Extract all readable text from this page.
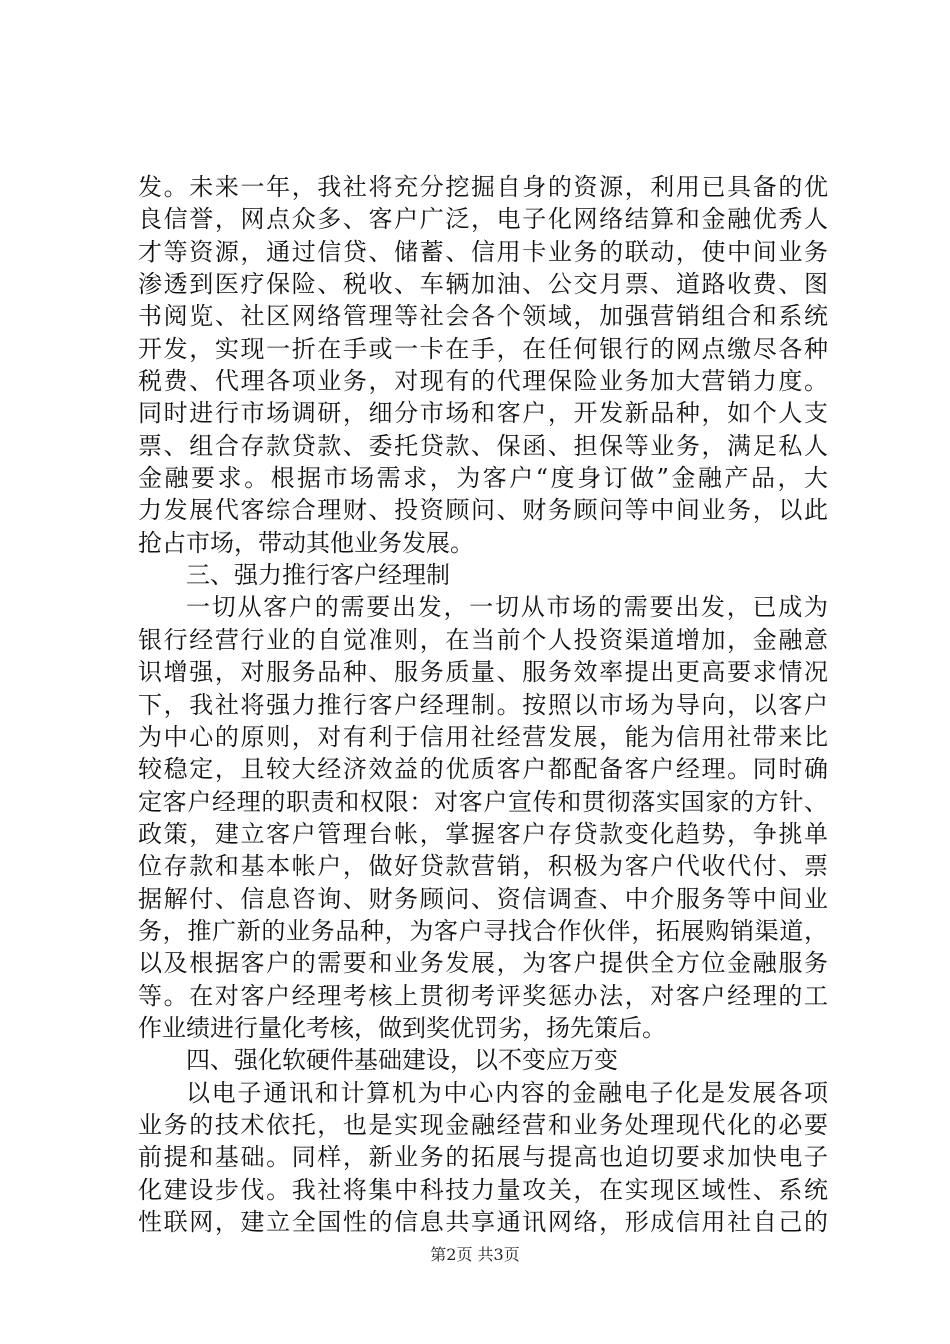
发。未来一年，我社将充分挖掘自身的资源，利用已具备的优
良信誉，网点众多、客户广泛，电子化网络结算和金融优秀人
才等资源，通过信贷、储蓄、信用卡业务的联动，使中间业务
渗透到医疗保险、税收、车辆加油、公交月票、道路收费、图
书阅览、社区网络管理等社会各个领域，加强营销组合和系统
开发，实现一折在手或一卡在手，在任何银行的网点缴尽各种
税费、代理各项业务，对现有的代理保险业务加大营销力度。
同时进行市场调研，细分市场和客户，开发新品种，如个人支
票、组合存款贷款、委托贷款、保函、担保等业务，满足私人
金融要求。根据市场需求，为客户“度身订做”金融产品，大
力发展代客综合理财、投资顾问、财务顾问等中间业务，以此
抢占市场，带动其他业务发展。
三、强力推行客户经理制
一切从客户的需要出发，一切从市场的需要出发，已成为
银行经营行业的自觉准则，在当前个人投资渠道增加，金融意
识增强，对服务品种、服务质量、服务效率提出更高要求情况
下，我社将强力推行客户经理制。按照以市场为导向，以客户
为中心的原则，对有利于信用社经营发展，能为信用社带来比
较稳定，且较大经济效益的优质客户都配备客户经理。同时确
定客户经理的职责和权限：对客户宣传和贯彻落实国家的方针、
政策，建立客户管理台帐，掌握客户存贷款变化趋势，争挑单
位存款和基本帐户，做好贷款营销，积极为客户代收代付、票
据解付、信息咨询、财务顾问、资信调查、中介服务等中间业
务，推广新的业务品种，为客户寻找合作伙伴，拓展购销渠道，
以及根据客户的需要和业务发展，为客户提供全方位金融服务
等。在对客户经理考核上贯彻考评奖惩办法，对客户经理的工
作业绩进行量化考核，做到奖优罚劣，扬先策后。
四、强化软硬件基础建设，以不变应万变
以电子通讯和计算机为中心内容的金融电子化是发展各项
业务的技术依托，也是实现金融经营和业务处理现代化的必要
前提和基础。同样，新业务的拓展与提高也迫切要求加快电子
化建设步伐。我社将集中科技力量攻关，在实现区域性、系统
性联网，建立全国性的信息共享通讯网络，形成信用社自己的
第2页 共3页
